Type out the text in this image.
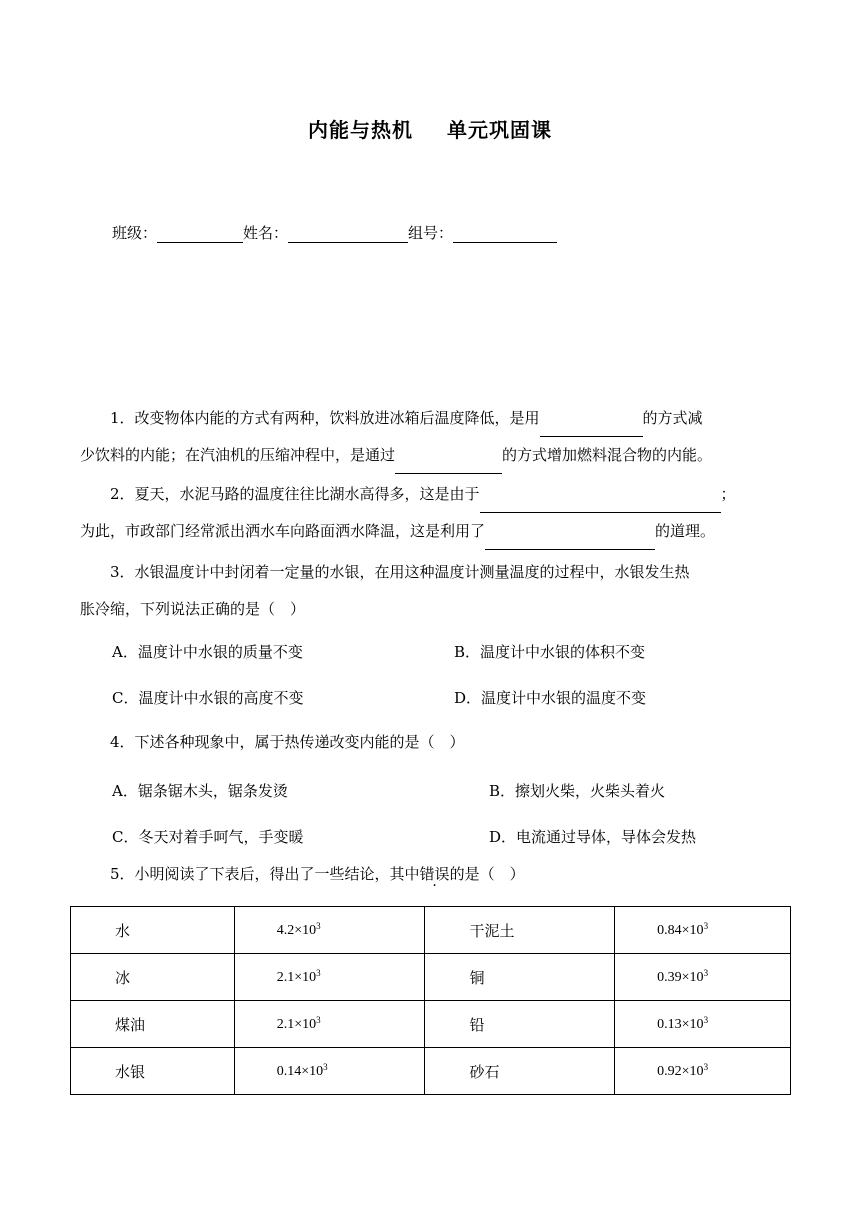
内能与热机 单元巩固课
班级：	姓名：	组号：
1．改变物体内能的方式有两种，饮料放进冰箱后温度降低，是用	的方式减
少饮料的内能；在汽油机的压缩冲程中，是通过	的方式增加燃料混合物的内能。
2．夏天，水泥马路的温度往往比湖水高得多，这是由于	；
为此，市政部门经常派出洒水车向路面洒水降温，这是利用了	的道理。
3．水银温度计中封闭着一定量的水银，在用这种温度计测量温度的过程中，水银发生热
胀冷缩，下列说法正确的是（　）
A．温度计中水银的质量不变	B．温度计中水银的体积不变
C．温度计中水银的高度不变	D．温度计中水银的温度不变
4．下述各种现象中，属于热传递改变内能的是（　）
A．锯条锯木头，锯条发烫	B．擦划火柴，火柴头着火
C．冬天对着手呵气，手变暖	D．电流通过导体，导体会发热
5．小明阅读了下表后，得出了一些结论，其中错误的是（　）
水	$4.2\times 10^3$	干泥土	$0.84\times 10^3$
冰	$2.1\times 10^3$	铜	$0.39\times 10^3$
煤油	$2.1\times 10^3$	铅	$0.13\times 10^3$
水银	$0.14\times 10^3$	砂石	$0.92\times 10^3$
